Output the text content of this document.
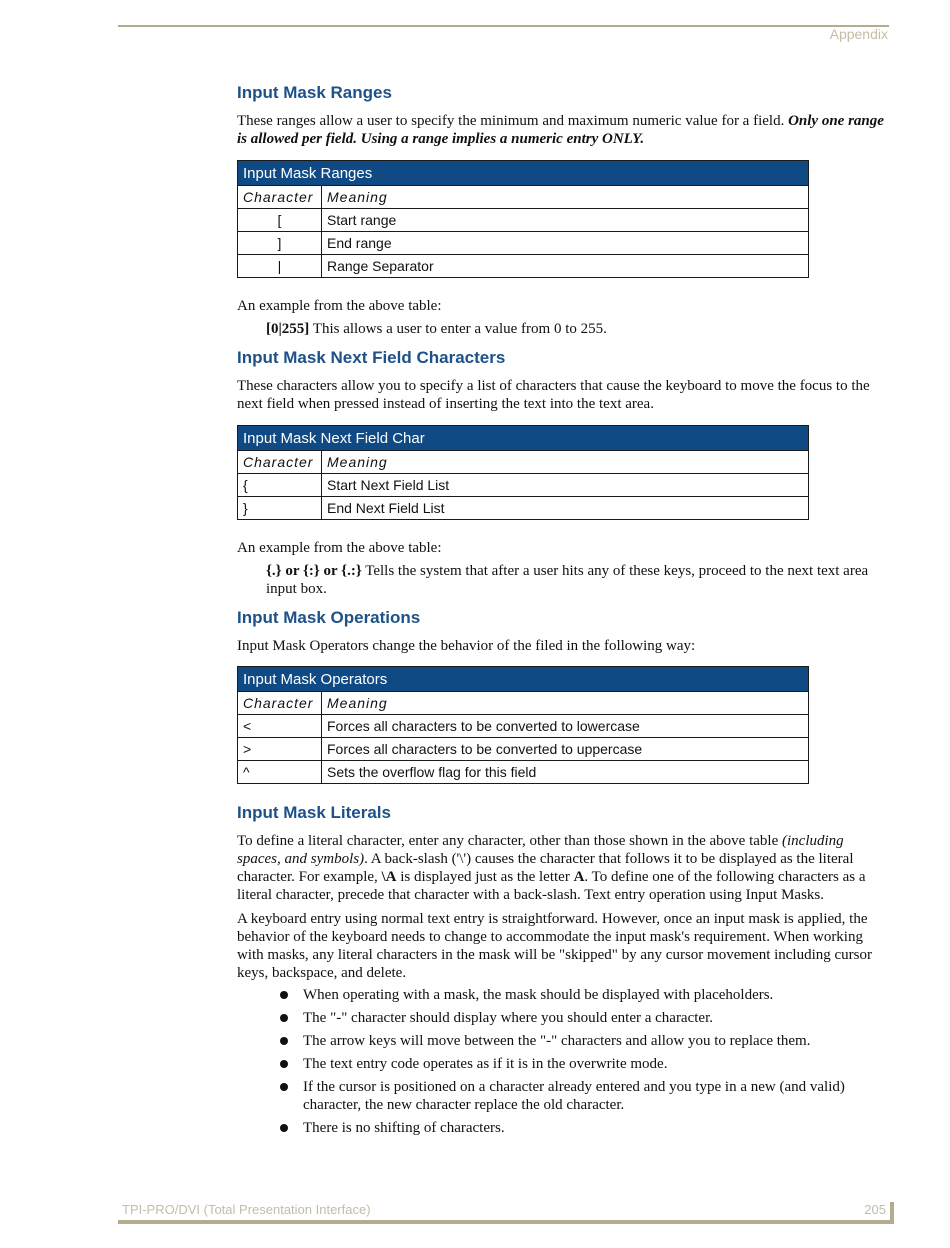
Appendix
Input Mask Ranges

These ranges allow a user to specify the minimum and maximum numeric value for a field. Only one range is allowed per field. Using a range implies a numeric entry ONLY.

Input Mask Ranges	
Character	Meaning
[	Start range
]	End range
|	Range Separator

An example from the above table:

[0|255] This allows a user to enter a value from 0 to 255.

Input Mask Next Field Characters

These characters allow you to specify a list of characters that cause the keyboard to move the focus to the next field when pressed instead of inserting the text into the text area.

Input Mask Next Field Char	
Character	Meaning
{	Start Next Field List
}	End Next Field List

An example from the above table:

{.} or {:} or {.:} Tells the system that after a user hits any of these keys, proceed to the next text area input box.

Input Mask Operations

Input Mask Operators change the behavior of the filed in the following way:

Input Mask Operators	
Character	Meaning
<	Forces all characters to be converted to lowercase
>	Forces all characters to be converted to uppercase
^	Sets the overflow flag for this field
Input Mask Literals

To define a literal character, enter any character, other than those shown in the above table (including spaces, and symbols). A back-slash ('\') causes the character that follows it to be displayed as the literal character. For example, \A is displayed just as the letter A. To define one of the following characters as a literal character, precede that character with a back-slash. Text entry operation using Input Masks.

A keyboard entry using normal text entry is straightforward. However, once an input mask is applied, the behavior of the keyboard needs to change to accommodate the input mask's requirement. When working with masks, any literal characters in the mask will be "skipped" by any cursor movement including cursor keys, backspace, and delete.

When operating with a mask, the mask should be displayed with placeholders.
The "-" character should display where you should enter a character.
The arrow keys will move between the "-" characters and allow you to replace them.
The text entry code operates as if it is in the overwrite mode.
If the cursor is positioned on a character already entered and you type in a new (and valid) character, the new character replace the old character.
There is no shifting of characters.
TPI-PRO/DVI (Total Presentation Interface)	205
